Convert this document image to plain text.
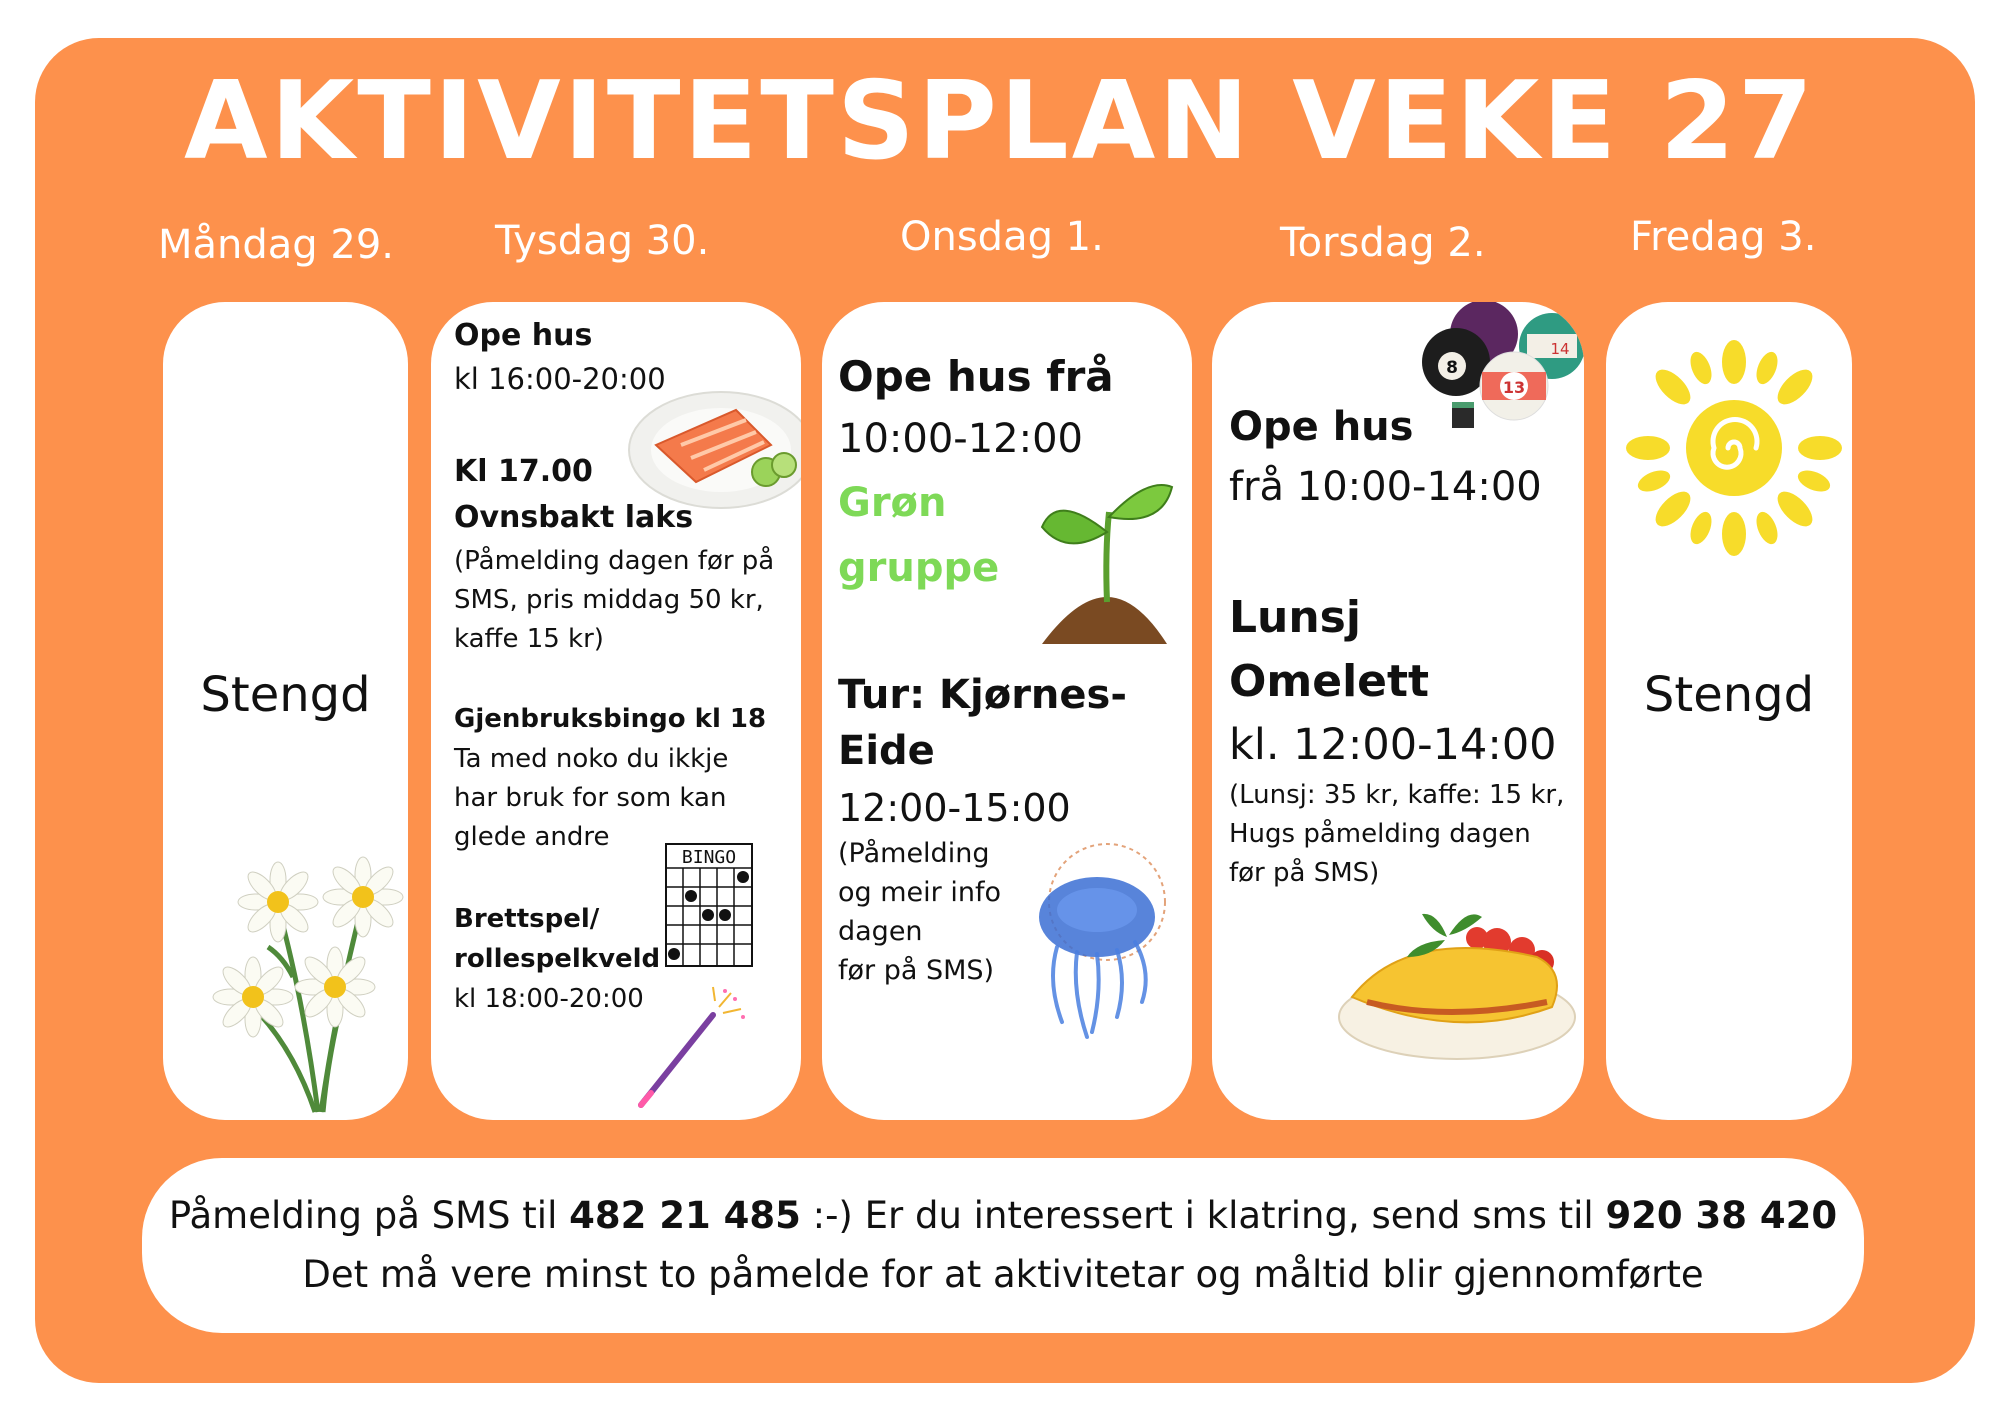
AKTIVITETSPLAN VEKE 27
Måndag 29.	Tysdag 30.	Onsdag 1.	Torsdag 2.	Fredag 3.
Stengd
Ope hus
kl 16:00-20:00
Kl 17.00
Ovnsbakt laks
(Påmelding dagen før på
SMS, pris middag 50 kr,
kaffe 15 kr)
Gjenbruksbingo kl 18
Ta med noko du ikkje
har bruk for som kan
glede andre
Brettspel/
rollespelkveld
kl 18:00-20:00
BINGO
Ope hus frå
10:00-12:00
Grøn
gruppe
Tur: Kjørnes-
Eide
12:00-15:00
(Påmelding
og meir info
dagen
før på SMS)
Ope hus
frå 10:00-14:00
Lunsj
Omelett
kl. 12:00-14:00
(Lunsj: 35 kr, kaffe: 15 kr,
Hugs påmelding dagen
før på SMS)
14
8
13
Stengd
Påmelding på SMS til 482 21 485 :-) Er du interessert i klatring, send sms til 920 38 420
Det må vere minst to påmelde for at aktivitetar og måltid blir gjennomførte
